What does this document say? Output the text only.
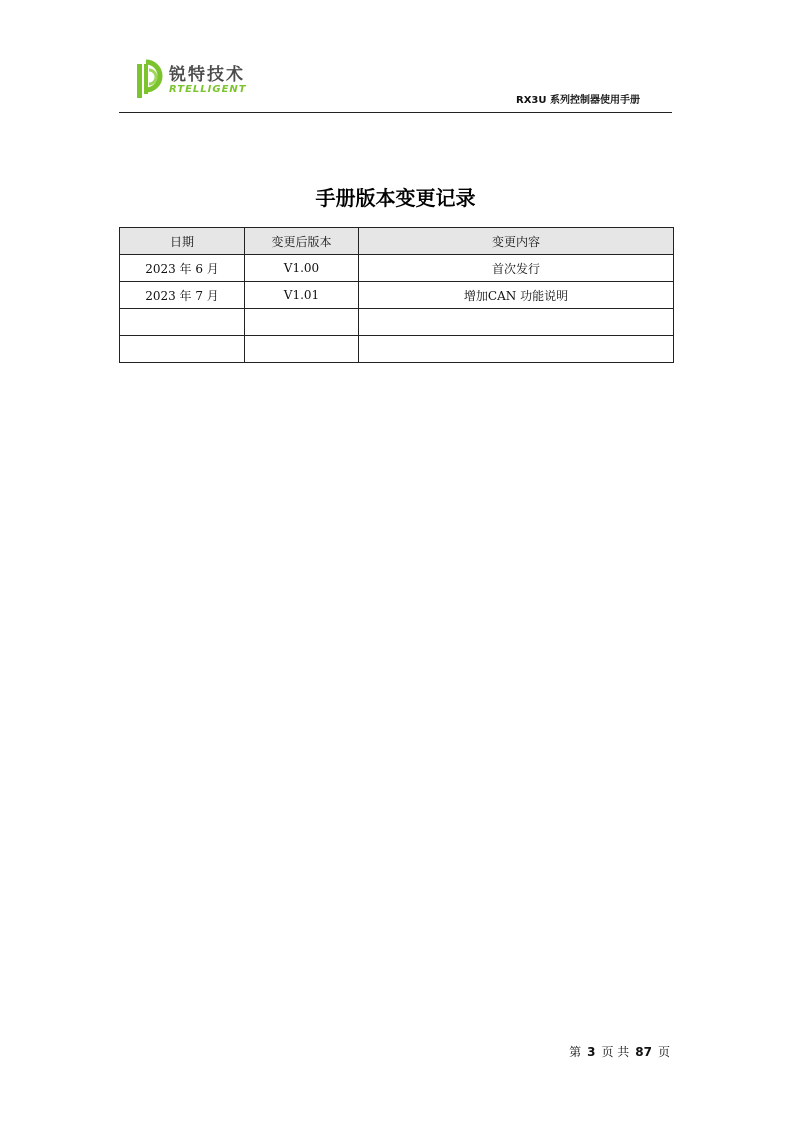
锐特技术
RTELLIGENT
RX3U 系列控制器使用手册
手册版本变更记录
日期	变更后版本	变更内容
2023 年 6 月	V1.00	首次发行
2023 年 7 月	V1.01	增加CAN 功能说明

第 3 页 共 87 页
